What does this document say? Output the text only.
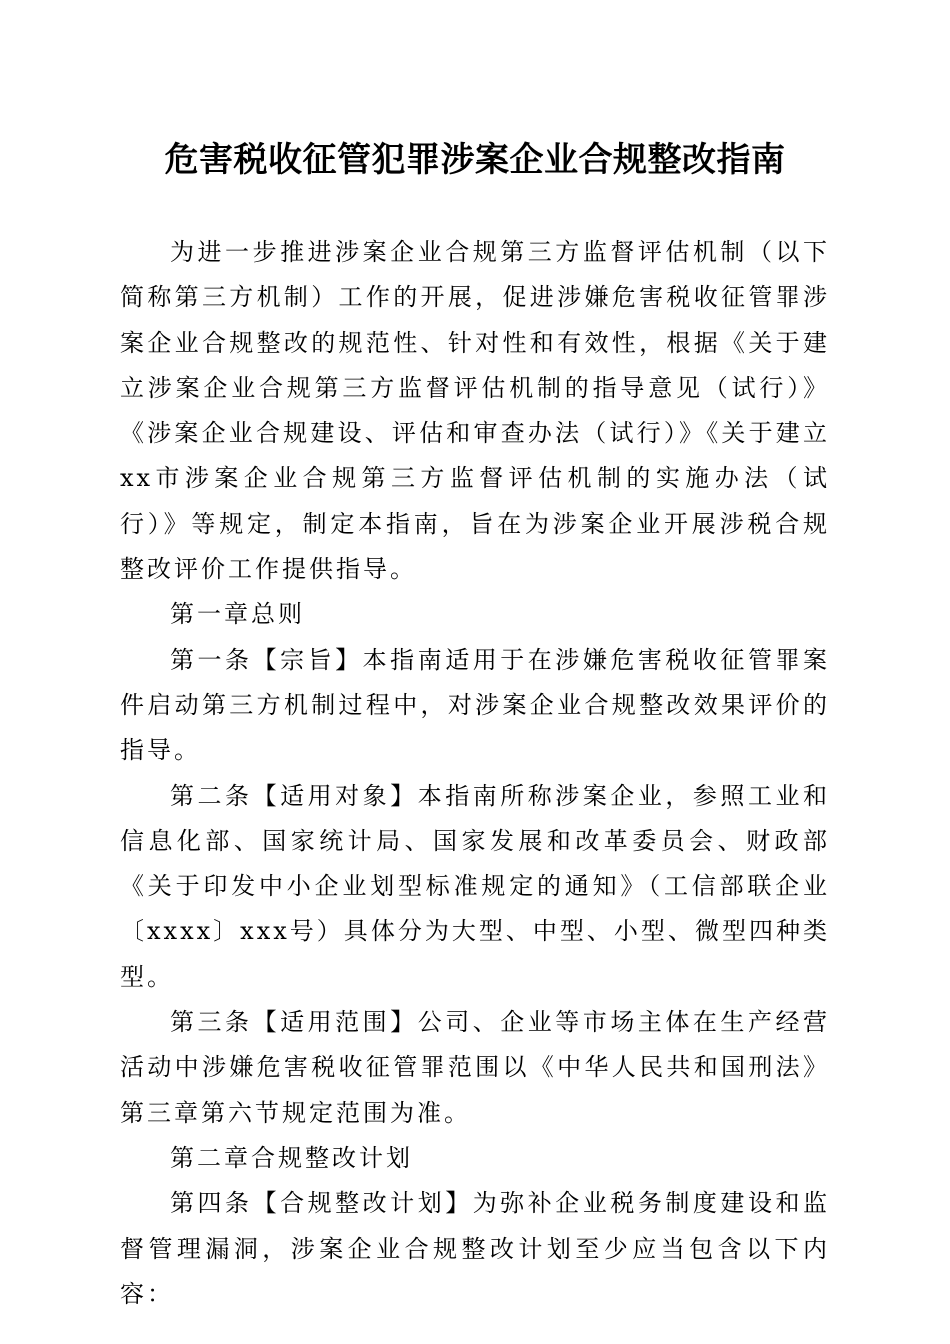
危害税收征管犯罪涉案企业合规整改指南

为进一步推进涉案企业合规第三方监督评估机制（以下简称第三方机制）工作的开展，促进涉嫌危害税收征管罪涉案企业合规整改的规范性、针对性和有效性，根据《关于建立涉案企业合规第三方监督评估机制的指导意见（试行）》《涉案企业合规建设、评估和审查办法（试行）》《关于建立xx市涉案企业合规第三方监督评估机制的实施办法（试行）》等规定，制定本指南，旨在为涉案企业开展涉税合规整改评价工作提供指导。

第一章总则

第一条【宗旨】本指南适用于在涉嫌危害税收征管罪案件启动第三方机制过程中，对涉案企业合规整改效果评价的指导。

第二条【适用对象】本指南所称涉案企业，参照工业和信息化部、国家统计局、国家发展和改革委员会、财政部《关于印发中小企业划型标准规定的通知》（工信部联企业〔xxxx〕xxx号）具体分为大型、中型、小型、微型四种类型。

第三条【适用范围】公司、企业等市场主体在生产经营活动中涉嫌危害税收征管罪范围以《中华人民共和国刑法》第三章第六节规定范围为准。

第二章合规整改计划

第四条【合规整改计划】为弥补企业税务制度建设和监督管理漏洞，涉案企业合规整改计划至少应当包含以下内容：
